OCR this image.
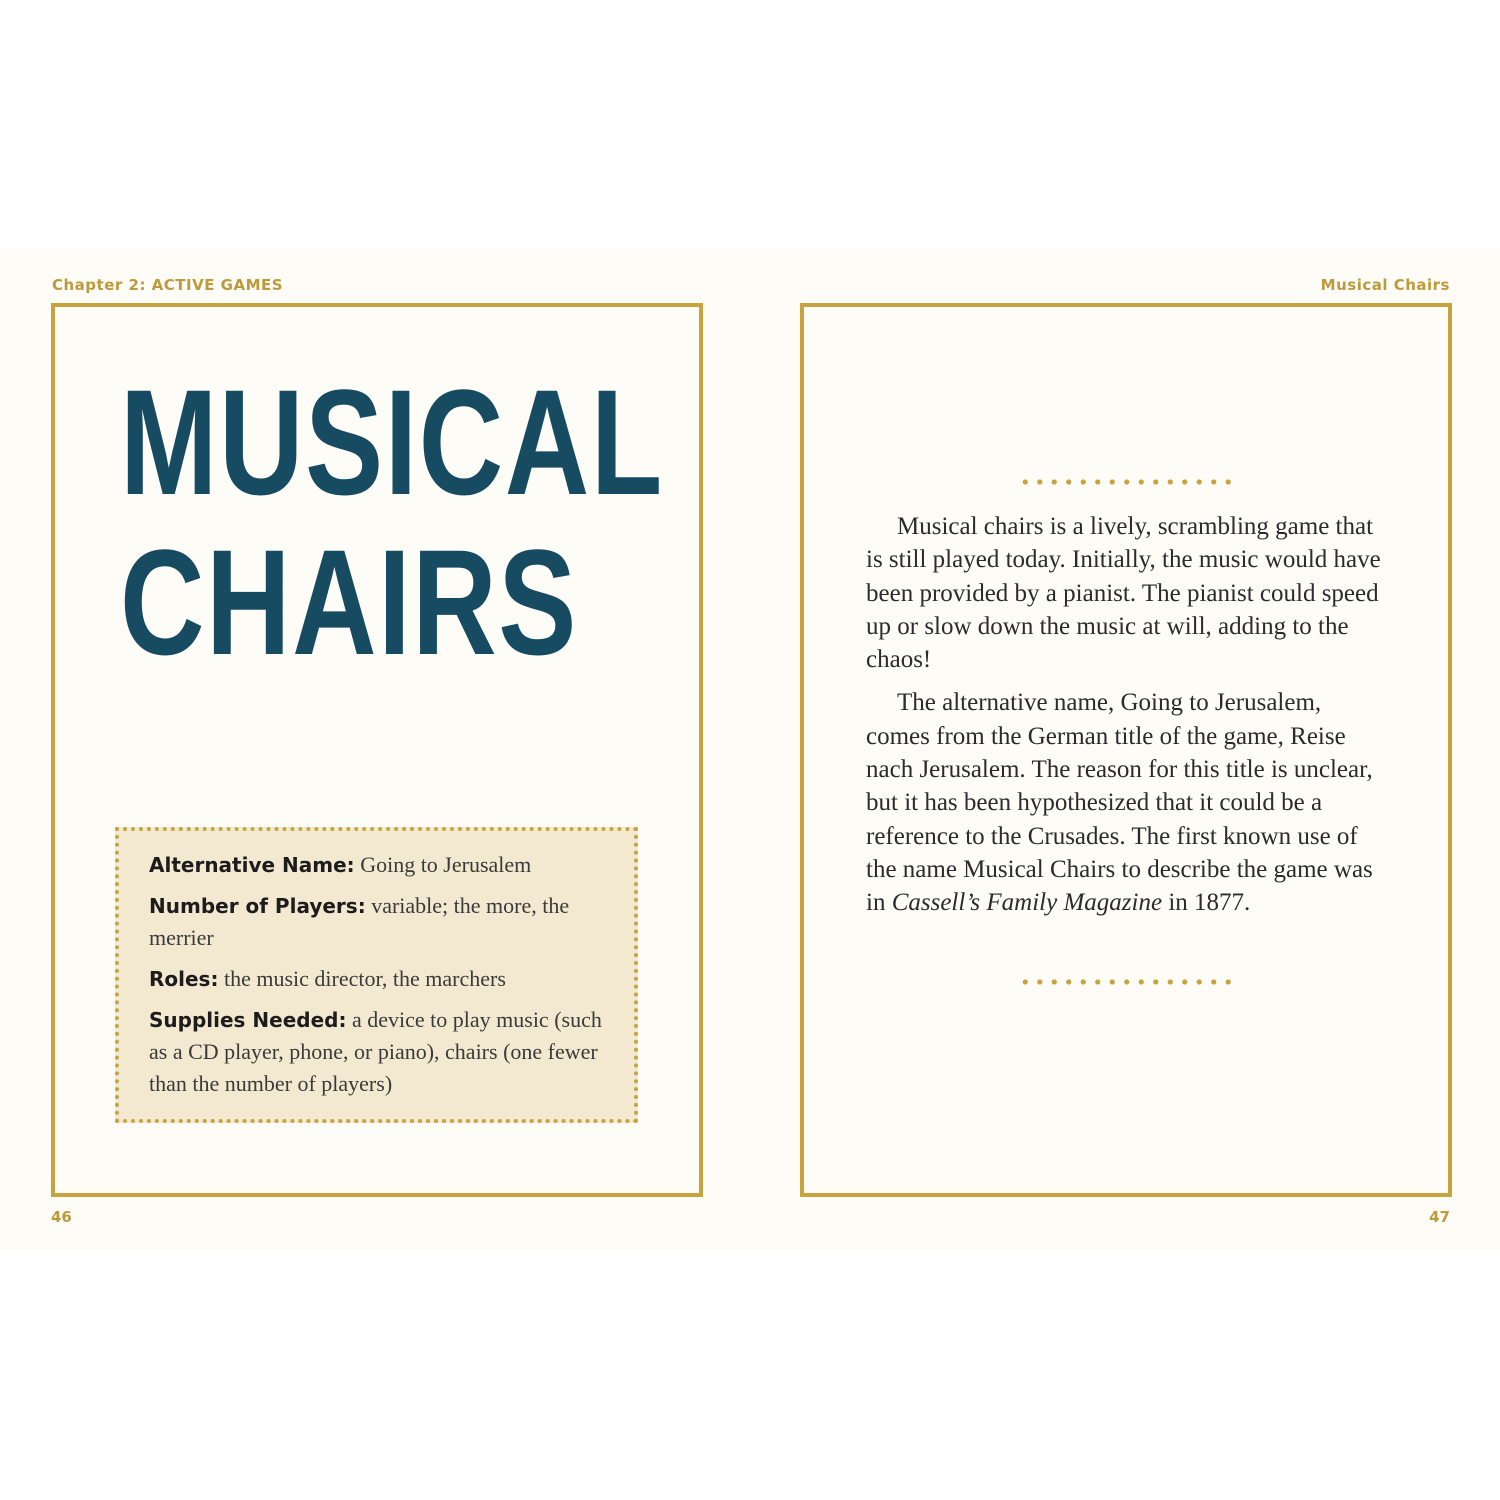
Chapter 2: ACTIVE GAMES	Musical Chairs
MUSICAL
CHAIRS
Alternative Name: Going to Jerusalem
Number of Players: variable; the more, the merrier
Roles: the music director, the marchers
Supplies Needed: a device to play music (such as a CD player, phone, or piano), chairs (one fewer than the number of players)

Musical chairs is a lively, scrambling game that is still played today. Initially, the music would have been provided by a pianist. The pianist could speed up or slow down the music at will, adding to the chaos!

The alternative name, Going to Jerusalem, comes from the German title of the game, Reise nach Jerusalem. The reason for this title is unclear, but it has been hypothesized that it could be a reference to the Crusades. The first known use of the name Musical Chairs to describe the game was in Cassell’s Family Magazine in 1877.

46	47
